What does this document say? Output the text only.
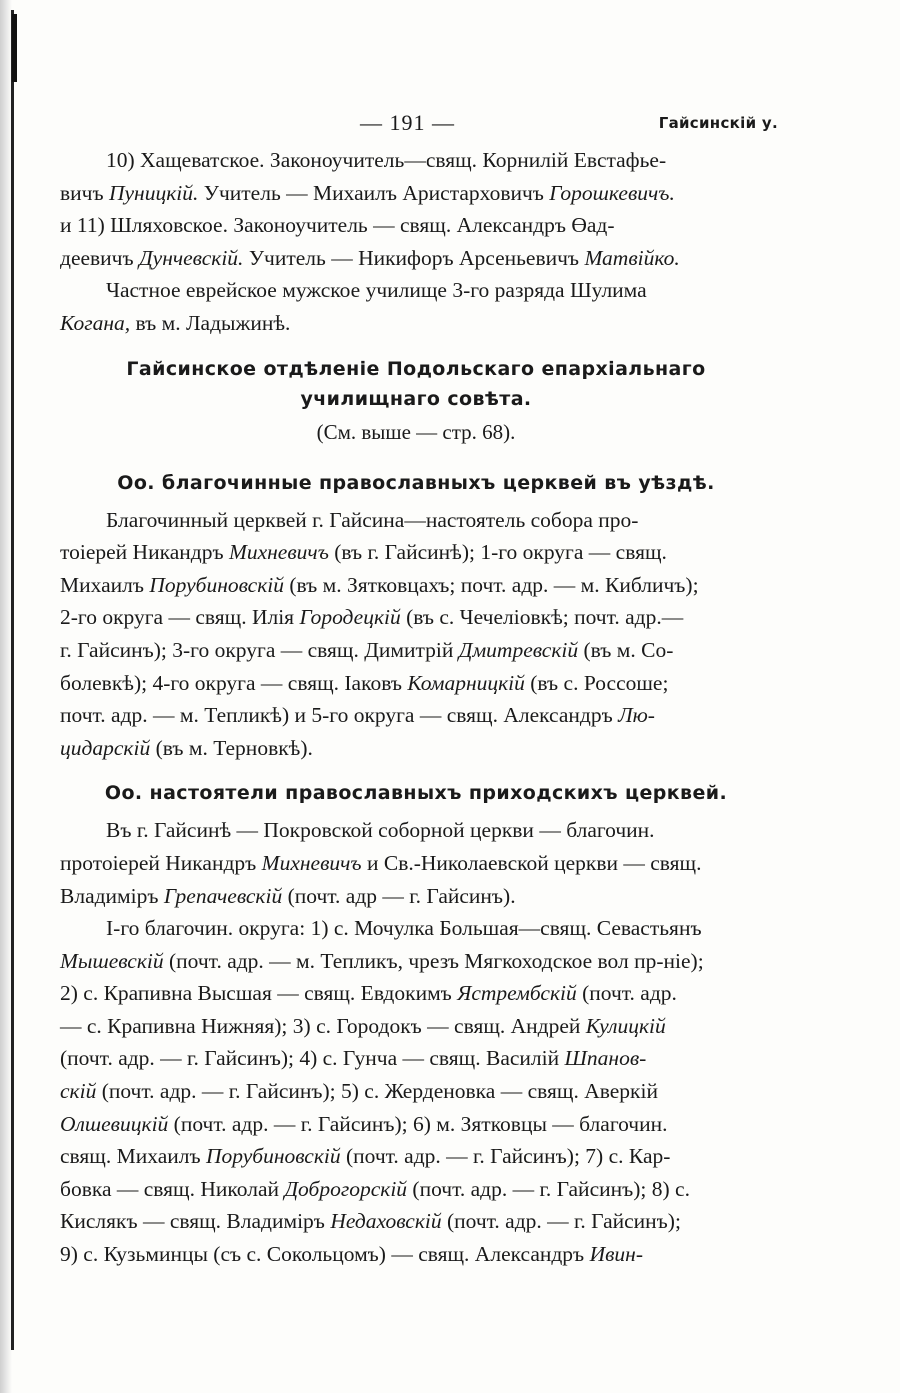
— 191 —	Гайсинскій у.

10) Хащеватское. Законоучитель—свящ. Корнилій Евстафье-

вичъ Пуницкій. Учитель — Михаилъ Аристарховичъ Горошкевичъ.

и 11) Шляховское. Законоучитель — свящ. Александръ Өад-

деевичъ Дунчевскій. Учитель — Никифоръ Арсеньевичъ Матвійко.

Частное еврейское мужское училище 3-го разряда Шулима

Когана, въ м. Ладыжинѣ.

Гайсинское отдѣленіе Подольскаго епархіальнаго
училищнаго совѣта.
(См. выше — стр. 68).
Оо. благочинные православныхъ церквей въ уѣздѣ.

Благочинный церквей г. Гайсина—настоятель собора про-

тоіерей Никандръ Михневичъ (въ г. Гайсинѣ); 1-го округа — свящ.

Михаилъ Порубиновскій (въ м. Зятковцахъ; почт. адр. — м. Кибличъ);

2-го округа — свящ. Илія Городецкій (въ с. Чечеліовкѣ; почт. адр.—

г. Гайсинъ); 3-го округа — свящ. Димитрій Дмитревскій (въ м. Со-

болевкѣ); 4-го округа — свящ. Іаковъ Комарницкій (въ с. Россоше;

почт. адр. — м. Тепликѣ) и 5-го округа — свящ. Александръ Лю-

цидарскій (въ м. Терновкѣ).

Оо. настоятели православныхъ приходскихъ церквей.

Въ г. Гайсинѣ — Покровской соборной церкви — благочин.

протоіерей Никандръ Михневичъ и Св.-Николаевской церкви — свящ.

Владиміръ Грепачевскій (почт. адр — г. Гайсинъ).

I-го благочин. округа: 1) с. Мочулка Большая—свящ. Севастьянъ

Мышевскій (почт. адр. — м. Тепликъ, чрезъ Мягкоходское вол пр-ніе);

2) с. Крапивна Высшая — свящ. Евдокимъ Ястрембскій (почт. адр.

— с. Крапивна Нижняя); 3) с. Городокъ — свящ. Андрей Кулицкій

(почт. адр. — г. Гайсинъ); 4) с. Гунча — свящ. Василій Шпанов-

скій (почт. адр. — г. Гайсинъ); 5) с. Жерденовка — свящ. Аверкій

Олшевицкій (почт. адр. — г. Гайсинъ); 6) м. Зятковцы — благочин.

свящ. Михаилъ Порубиновскій (почт. адр. — г. Гайсинъ); 7) с. Кар-

бовка — свящ. Николай Доброгорскій (почт. адр. — г. Гайсинъ); 8) с.

Кислякъ — свящ. Владиміръ Недаховскій (почт. адр. — г. Гайсинъ);

9) с. Кузьминцы (съ с. Сокольцомъ) — свящ. Александръ Ивин-
